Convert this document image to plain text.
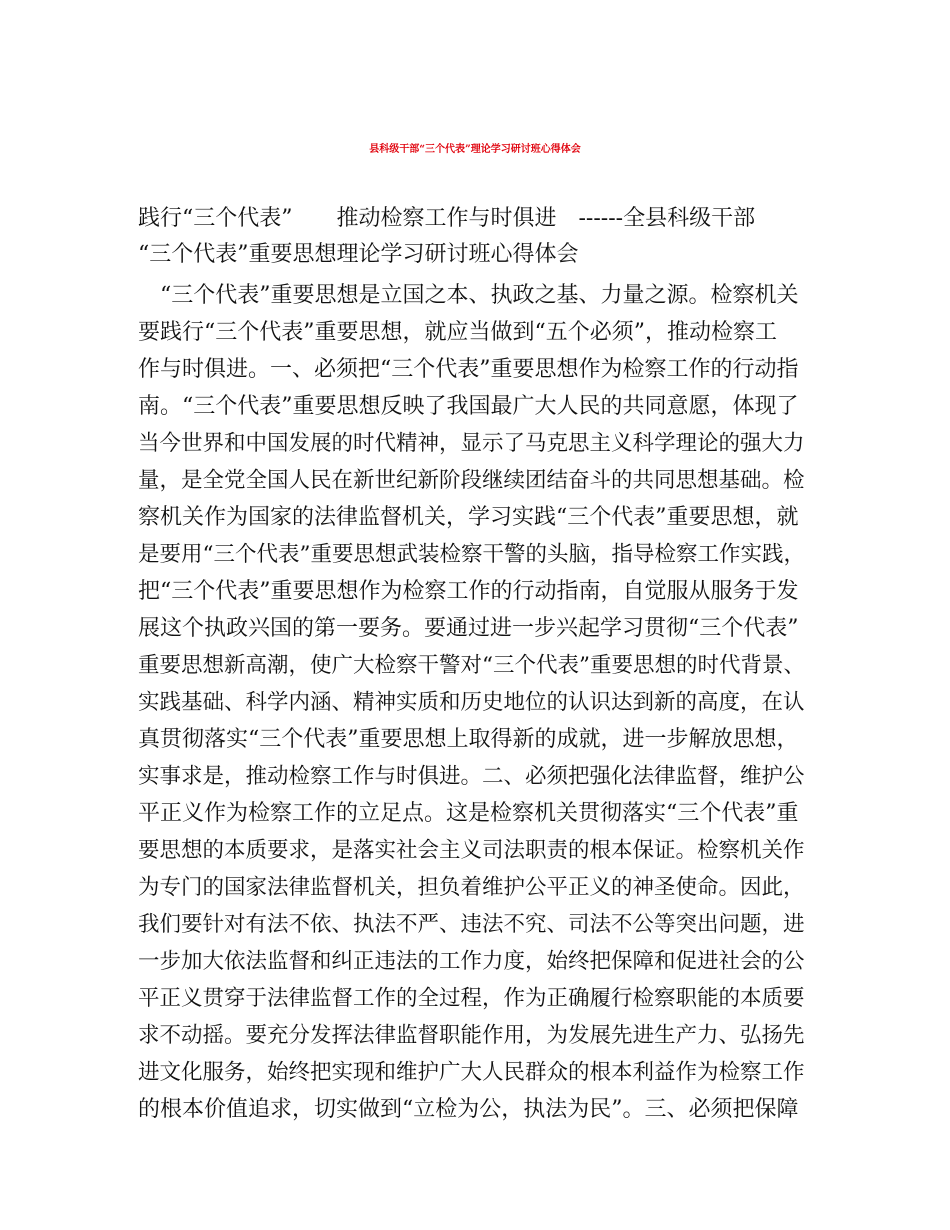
县科级干部“三个代表”理论学习研讨班心得体会
践行“三个代表”　　推动检察工作与时俱进　------全县科级干部
“三个代表”重要思想理论学习研讨班心得体会
　“三个代表”重要思想是立国之本、执政之基、力量之源。检察机关
要践行“三个代表”重要思想，就应当做到“五个必须”，推动检察工
作与时俱进。一、必须把“三个代表”重要思想作为检察工作的行动指
南。“三个代表”重要思想反映了我国最广大人民的共同意愿，体现了
当今世界和中国发展的时代精神，显示了马克思主义科学理论的强大力
量，是全党全国人民在新世纪新阶段继续团结奋斗的共同思想基础。检
察机关作为国家的法律监督机关，学习实践“三个代表”重要思想，就
是要用“三个代表”重要思想武装检察干警的头脑，指导检察工作实践，
把“三个代表”重要思想作为检察工作的行动指南，自觉服从服务于发
展这个执政兴国的第一要务。要通过进一步兴起学习贯彻“三个代表”
重要思想新高潮，使广大检察干警对“三个代表”重要思想的时代背景、
实践基础、科学内涵、精神实质和历史地位的认识达到新的高度，在认
真贯彻落实“三个代表”重要思想上取得新的成就，进一步解放思想，
实事求是，推动检察工作与时俱进。二、必须把强化法律监督，维护公
平正义作为检察工作的立足点。这是检察机关贯彻落实“三个代表”重
要思想的本质要求，是落实社会主义司法职责的根本保证。检察机关作
为专门的国家法律监督机关，担负着维护公平正义的神圣使命。因此，
我们要针对有法不依、执法不严、违法不究、司法不公等突出问题，进
一步加大依法监督和纠正违法的工作力度，始终把保障和促进社会的公
平正义贯穿于法律监督工作的全过程，作为正确履行检察职能的本质要
求不动摇。要充分发挥法律监督职能作用，为发展先进生产力、弘扬先
进文化服务，始终把实现和维护广大人民群众的根本利益作为检察工作
的根本价值追求，切实做到“立检为公，执法为民”。三、必须把保障
